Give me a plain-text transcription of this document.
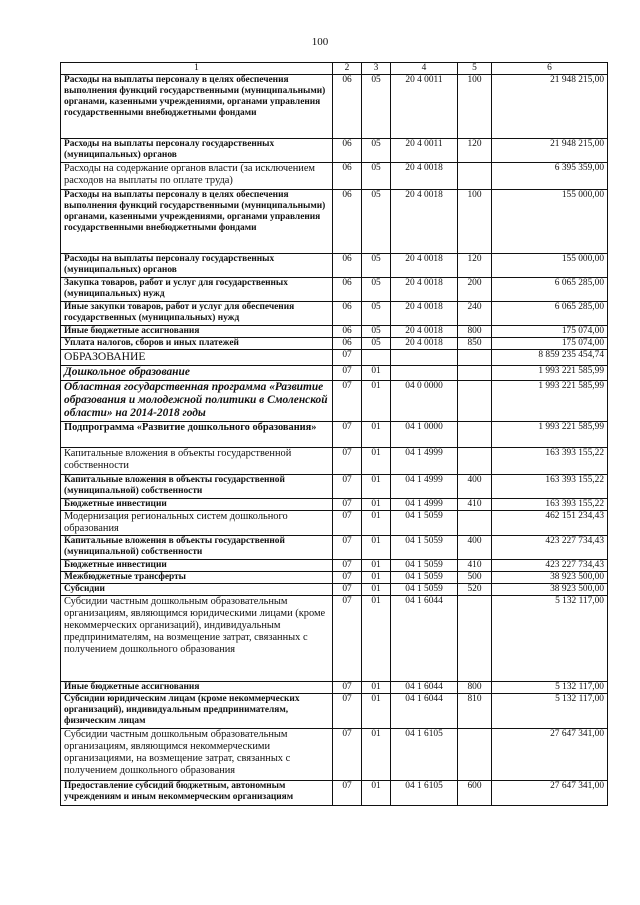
100
1	2	3	4	5	6
Расходы на выплаты персоналу в целях обеспечения выполнения функций государственными (муниципальными) органами, казенными учреждениями, органами управления государственными внебюджетными фондами	06	05	20 4 0011	100	21 948 215,00
Расходы на выплаты персоналу государственных (муниципальных) органов	06	05	20 4 0011	120	21 948 215,00
Расходы на содержание органов власти (за исключением расходов на выплаты по оплате труда)	06	05	20 4 0018		6 395 359,00
Расходы на выплаты персоналу в целях обеспечения выполнения функций государственными (муниципальными) органами, казенными учреждениями, органами управления государственными внебюджетными фондами	06	05	20 4 0018	100	155 000,00
Расходы на выплаты персоналу государственных (муниципальных) органов	06	05	20 4 0018	120	155 000,00
Закупка товаров, работ и услуг для государственных (муниципальных) нужд	06	05	20 4 0018	200	6 065 285,00
Иные закупки товаров, работ и услуг для обеспечения государственных (муниципальных) нужд	06	05	20 4 0018	240	6 065 285,00
Иные бюджетные ассигнования	06	05	20 4 0018	800	175 074,00
Уплата налогов, сборов и иных платежей	06	05	20 4 0018	850	175 074,00
ОБРАЗОВАНИЕ	07				8 859 235 454,74
Дошкольное образование	07	01			1 993 221 585,99
Областная государственная программа «Развитие образования и молодежной политики в Смоленской области» на 2014-2018 годы	07	01	04 0 0000		1 993 221 585,99
Подпрограмма «Развитие дошкольного образования»	07	01	04 1 0000		1 993 221 585,99
Капитальные вложения в объекты государственной собственности	07	01	04 1 4999		163 393 155,22
Капитальные вложения в объекты государственной (муниципальной) собственности	07	01	04 1 4999	400	163 393 155,22
Бюджетные инвестиции	07	01	04 1 4999	410	163 393 155,22
Модернизация региональных систем дошкольного образования	07	01	04 1 5059		462 151 234,43
Капитальные вложения в объекты государственной (муниципальной) собственности	07	01	04 1 5059	400	423 227 734,43
Бюджетные инвестиции	07	01	04 1 5059	410	423 227 734,43
Межбюджетные трансферты	07	01	04 1 5059	500	38 923 500,00
Субсидии	07	01	04 1 5059	520	38 923 500,00
Субсидии частным дошкольным образовательным организациям, являющимся юридическими лицами (кроме некоммерческих организаций), индивидуальным предпринимателям, на возмещение затрат, связанных с получением дошкольного образования	07	01	04 1 6044		5 132 117,00
Иные бюджетные ассигнования	07	01	04 1 6044	800	5 132 117,00
Субсидии юридическим лицам (кроме некоммерческих организаций), индивидуальным предпринимателям, физическим лицам	07	01	04 1 6044	810	5 132 117,00
Субсидии частным дошкольным образовательным организациям, являющимся некоммерческими организациями, на возмещение затрат, связанных с получением дошкольного образования	07	01	04 1 6105		27 647 341,00
Предоставление субсидий бюджетным, автономным учреждениям и иным некоммерческим организациям	07	01	04 1 6105	600	27 647 341,00
